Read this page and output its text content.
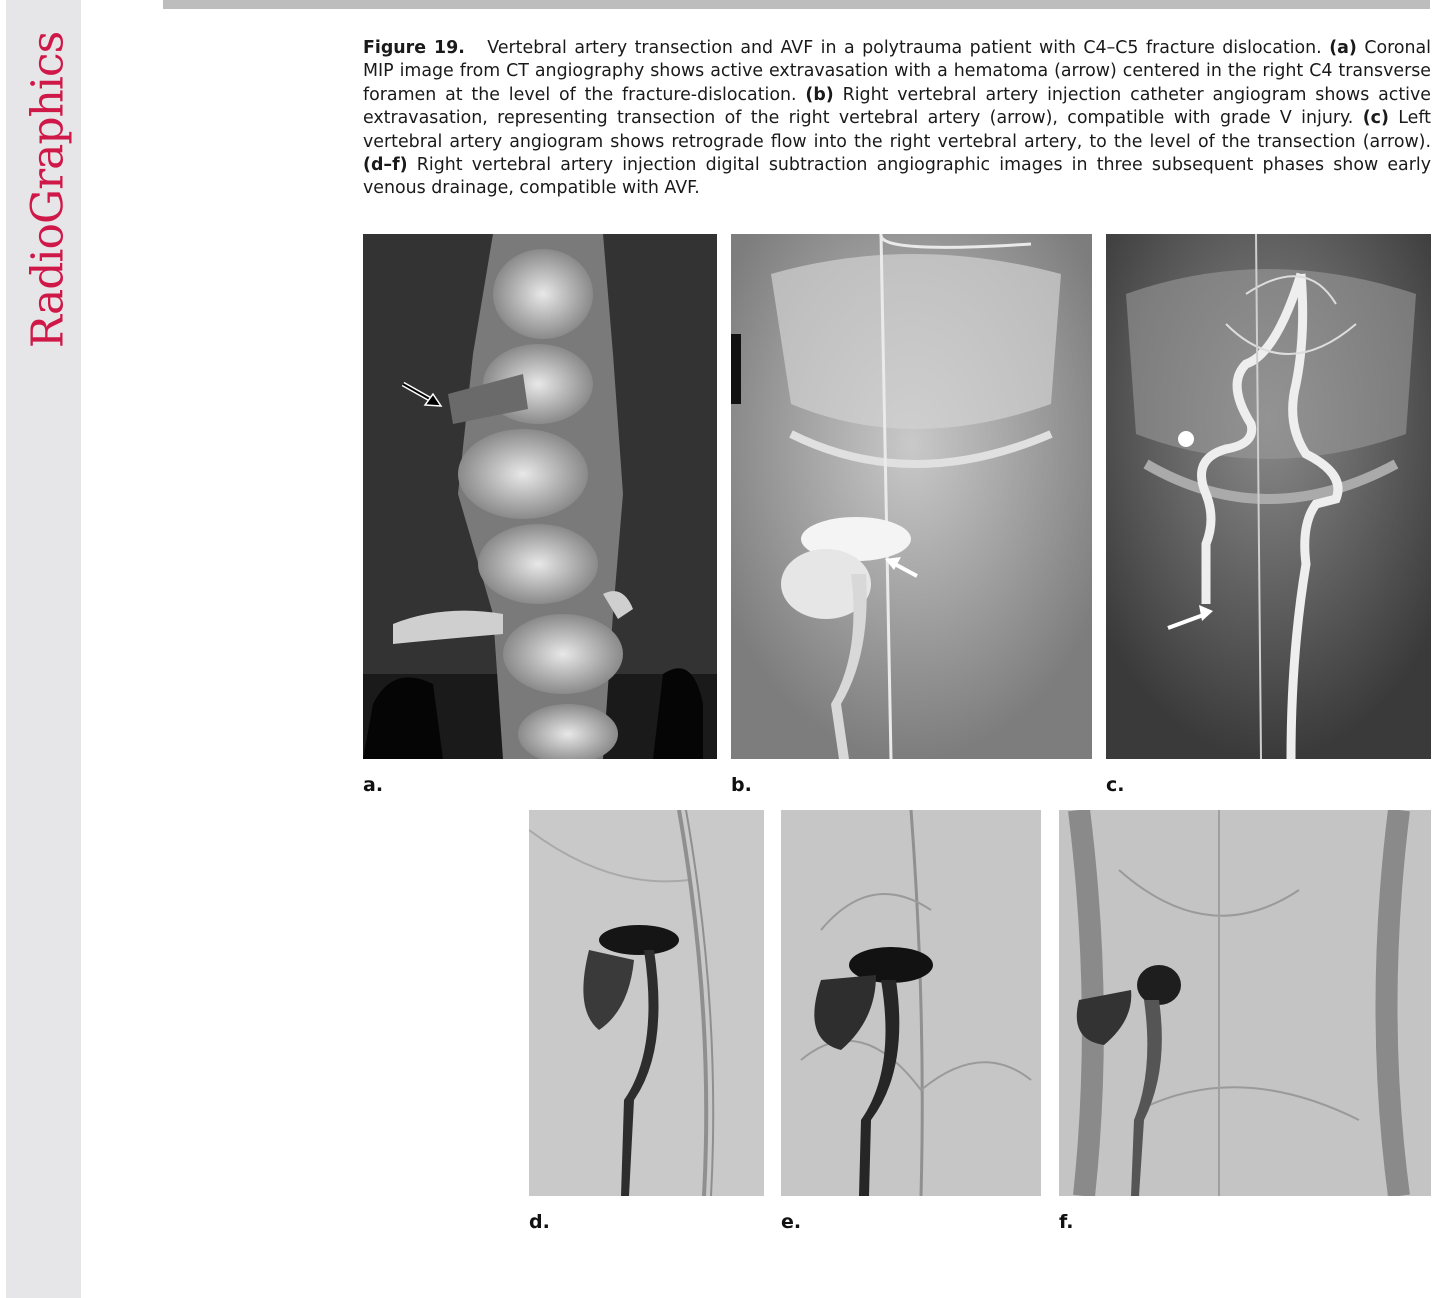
RadioGraphics	Figure 19. Vertebral artery transection and AVF in a polytrauma patient with C4–C5 fracture dislocation. (a) Coronal MIP image from CT angiography shows active extravasation with a hematoma (arrow) centered in the right C4 transverse foramen at the level of the fracture-dislocation. (b) Right vertebral artery injection catheter angiogram shows active extravasation, representing transection of the right vertebral artery (arrow), compatible with grade V injury. (c) Left vertebral artery angiogram shows retrograde flow into the right vertebral artery, to the level of the transection (arrow). (d–f) Right vertebral artery injection digital subtraction angiographic images in three subsequent phases show early venous drainage, compatible with AVF.
a.	b.	c.
d.	e.	f.
